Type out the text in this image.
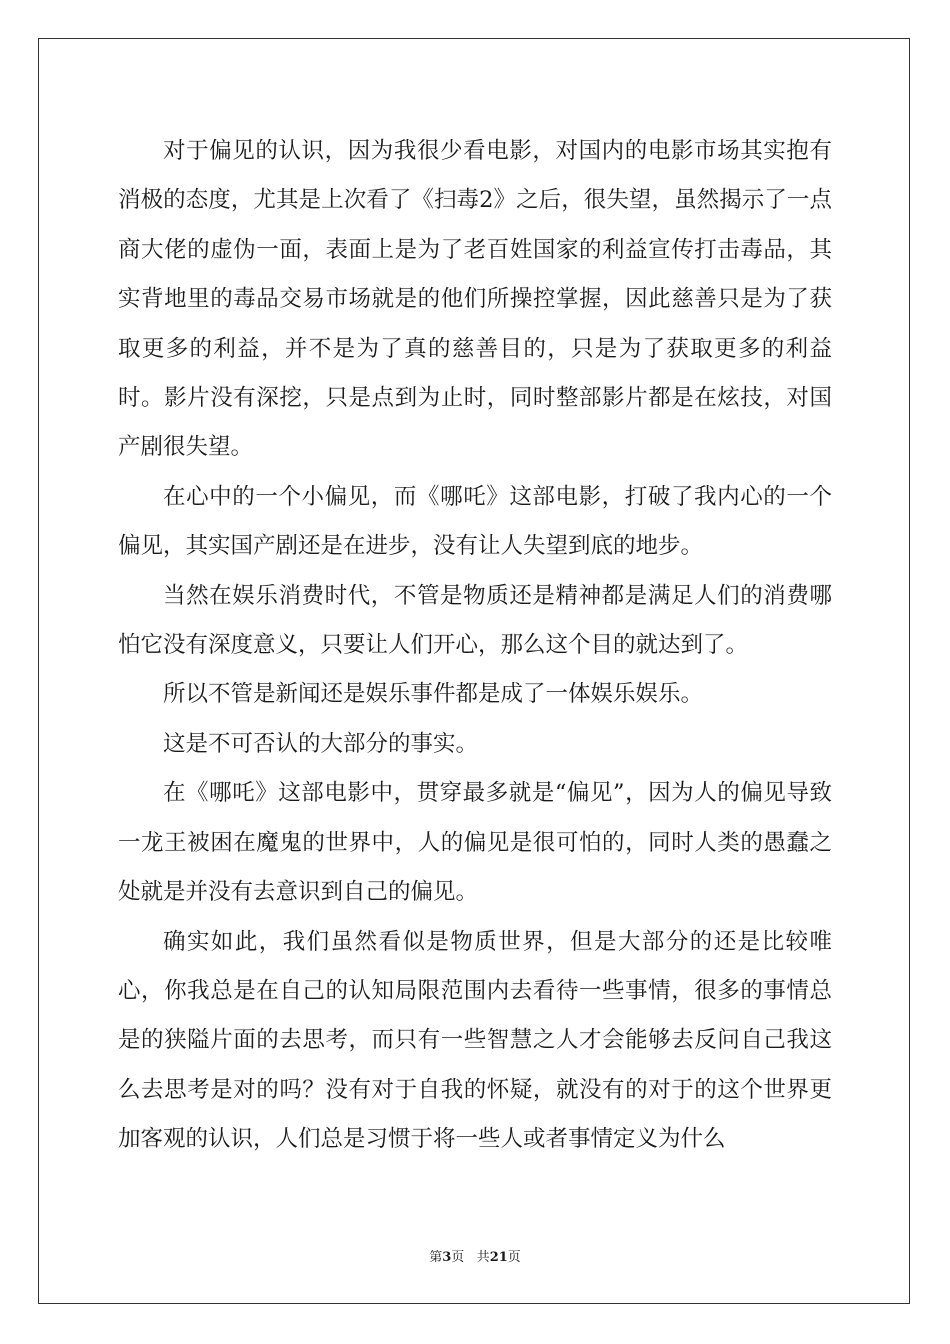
对于偏见的认识，因为我很少看电影，对国内的电影市场其实抱有消极的态度，尤其是上次看了《扫毒2》之后，很失望，虽然揭示了一点商大佬的虚伪一面，表面上是为了老百姓国家的利益宣传打击毒品，其实背地里的毒品交易市场就是的他们所操控掌握，因此慈善只是为了获取更多的利益，并不是为了真的慈善目的，只是为了获取更多的利益时。影片没有深挖，只是点到为止时，同时整部影片都是在炫技，对国产剧很失望。

在心中的一个小偏见，而《哪吒》这部电影，打破了我内心的一个偏见，其实国产剧还是在进步，没有让人失望到底的地步。

当然在娱乐消费时代，不管是物质还是精神都是满足人们的消费哪怕它没有深度意义，只要让人们开心，那么这个目的就达到了。

所以不管是新闻还是娱乐事件都是成了一体娱乐娱乐。

这是不可否认的大部分的事实。

在《哪吒》这部电影中，贯穿最多就是“偏见”，因为人的偏见导致一龙王被困在魔鬼的世界中，人的偏见是很可怕的，同时人类的愚蠢之处就是并没有去意识到自己的偏见。

确实如此，我们虽然看似是物质世界，但是大部分的还是比较唯心，你我总是在自己的认知局限范围内去看待一些事情，很多的事情总是的狭隘片面的去思考，而只有一些智慧之人才会能够去反问自己我这么去思考是对的吗？没有对于自我的怀疑，就没有的对于的这个世界更加客观的认识，人们总是习惯于将一些人或者事情定义为什么

第3页 共21页
